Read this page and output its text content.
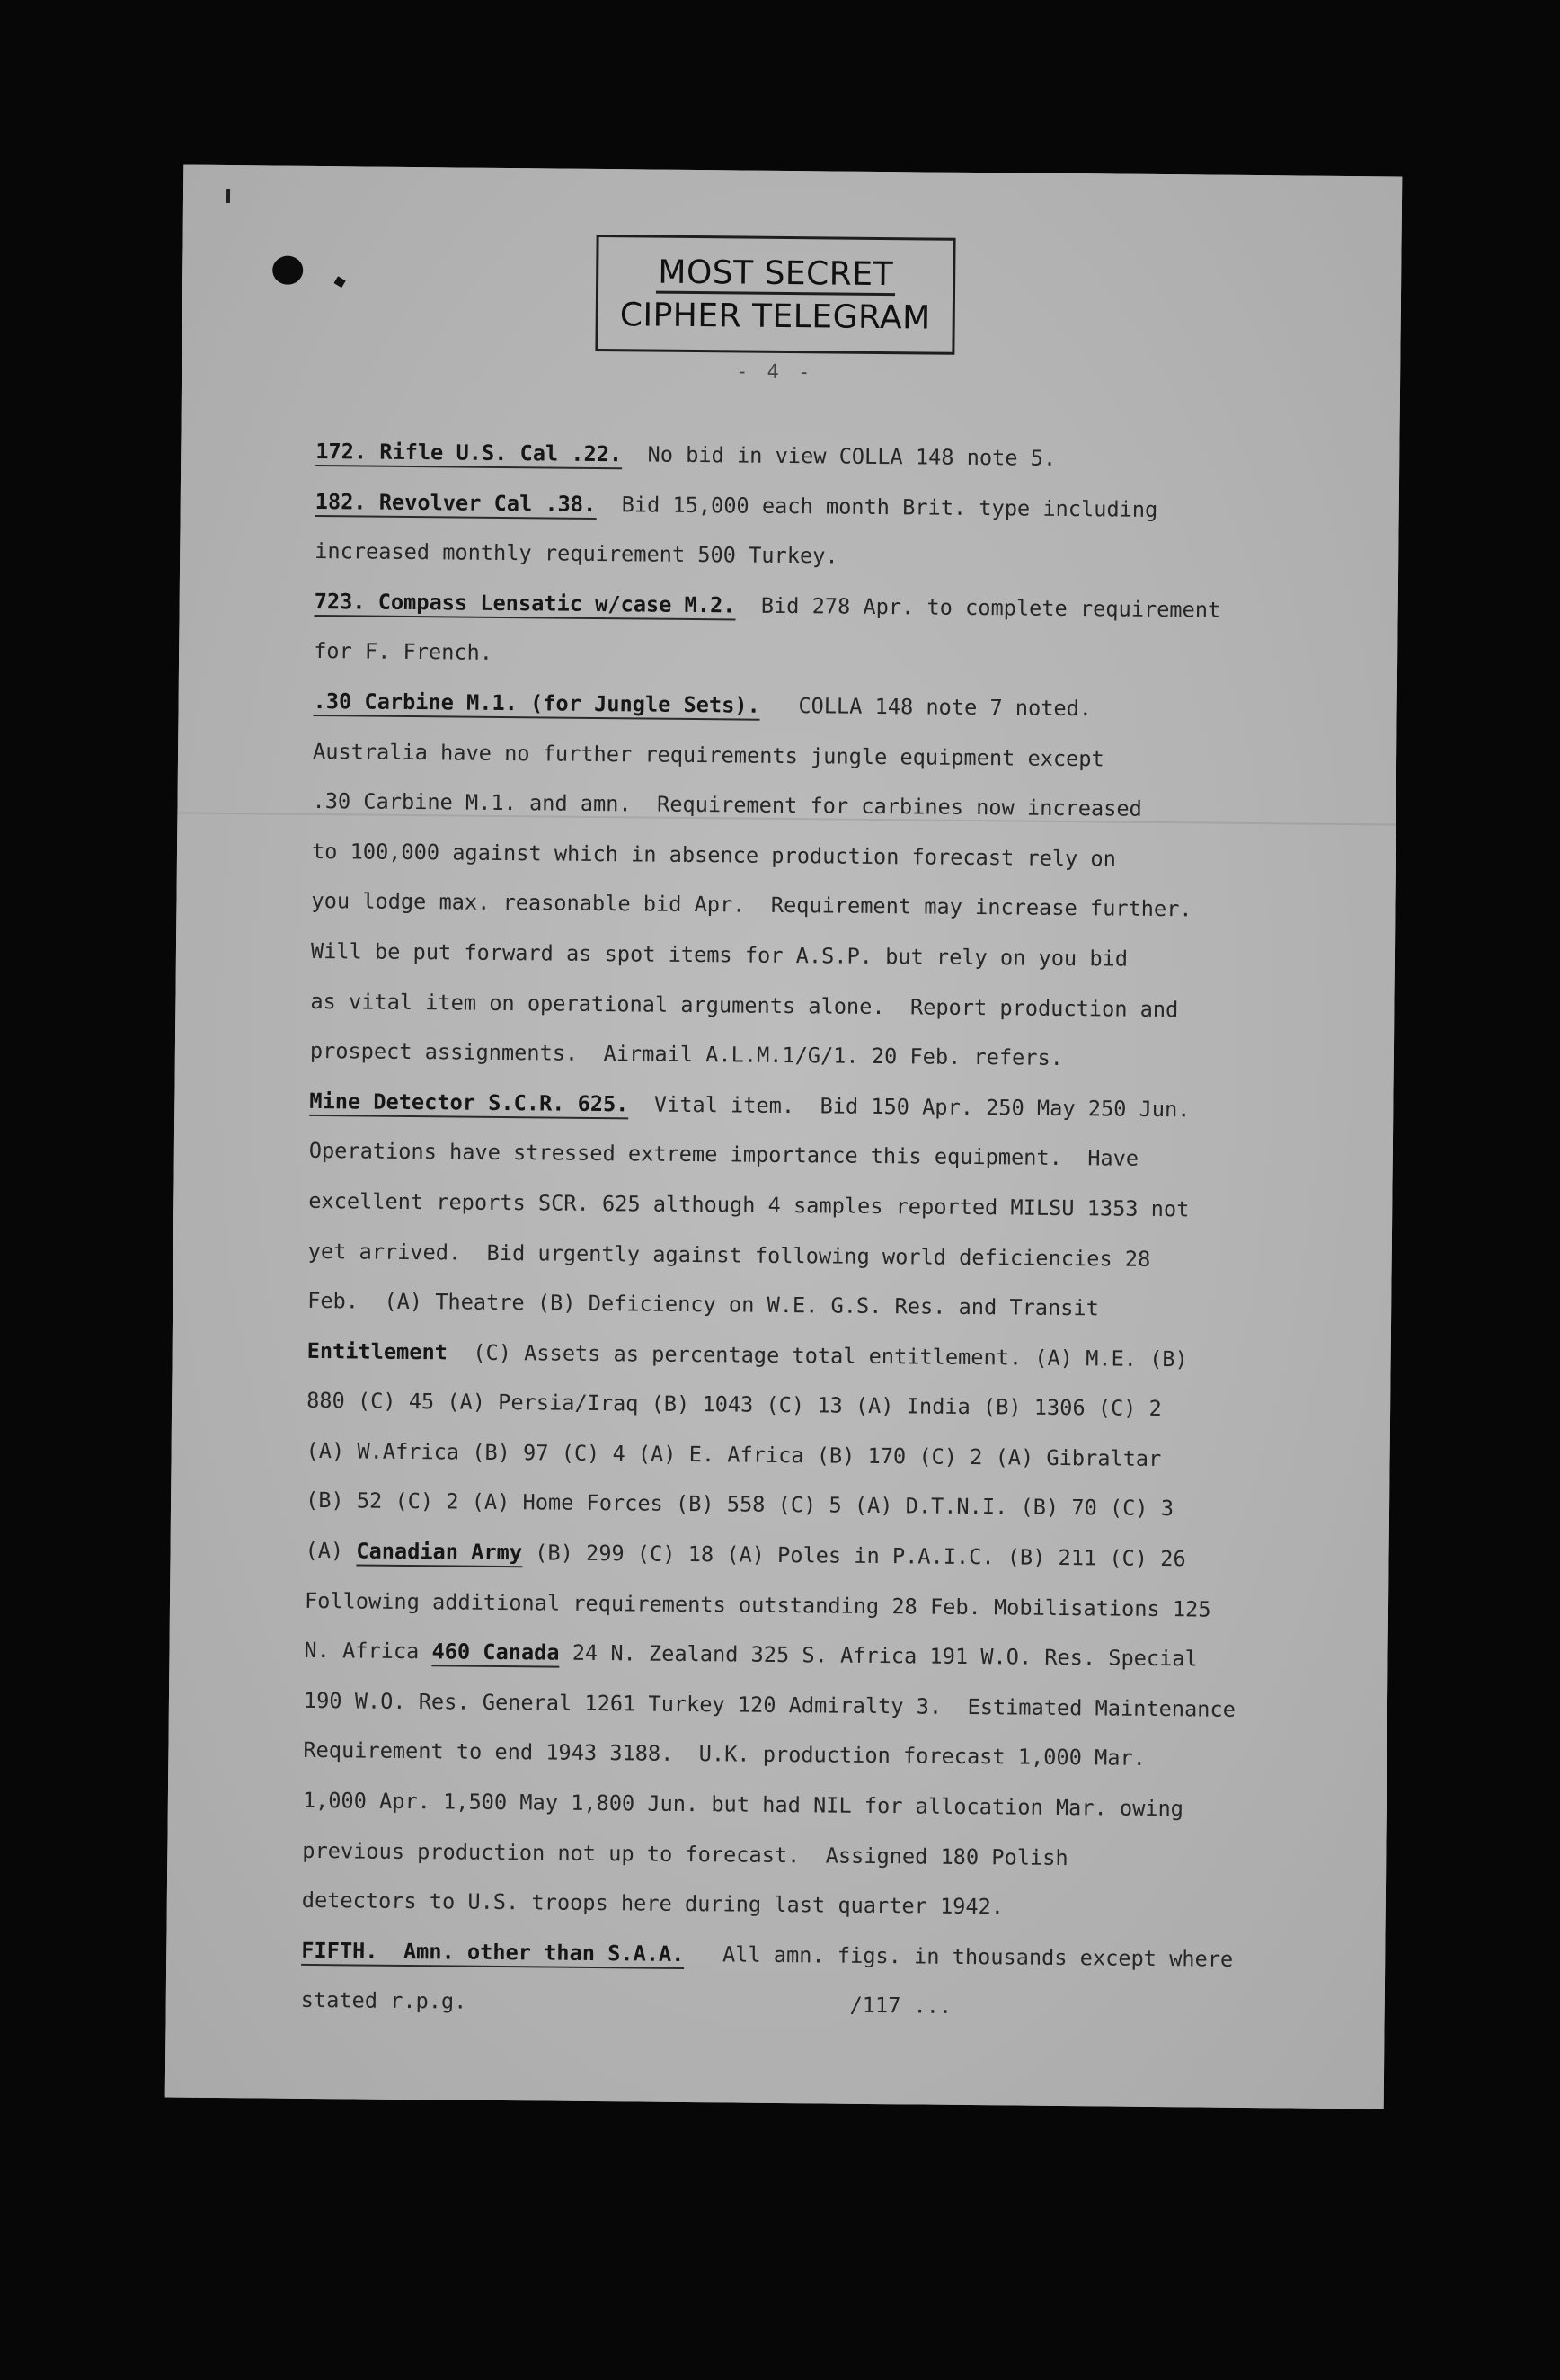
MOST SECRET
CIPHER TELEGRAM
- 4 -
172. Rifle U.S. Cal .22.  No bid in view COLLA 148 note 5.
182. Revolver Cal .38.  Bid 15,000 each month Brit. type including
increased monthly requirement 500 Turkey.
723. Compass Lensatic w/case M.2.  Bid 278 Apr. to complete requirement
for F. French.
.30 Carbine M.1. (for Jungle Sets).   COLLA 148 note 7 noted.
Australia have no further requirements jungle equipment except
.30 Carbine M.1. and amn.  Requirement for carbines now increased
to 100,000 against which in absence production forecast rely on
you lodge max. reasonable bid Apr.  Requirement may increase further.
Will be put forward as spot items for A.S.P. but rely on you bid
as vital item on operational arguments alone.  Report production and
prospect assignments.  Airmail A.L.M.1/G/1. 20 Feb. refers.
Mine Detector S.C.R. 625.  Vital item.  Bid 150 Apr. 250 May 250 Jun.
Operations have stressed extreme importance this equipment.  Have
excellent reports SCR. 625 although 4 samples reported MILSU 1353 not
yet arrived.  Bid urgently against following world deficiencies 28
Feb.  (A) Theatre (B) Deficiency on W.E. G.S. Res. and Transit
Entitlement  (C) Assets as percentage total entitlement. (A) M.E. (B)
880 (C) 45 (A) Persia/Iraq (B) 1043 (C) 13 (A) India (B) 1306 (C) 2
(A) W.Africa (B) 97 (C) 4 (A) E. Africa (B) 170 (C) 2 (A) Gibraltar
(B) 52 (C) 2 (A) Home Forces (B) 558 (C) 5 (A) D.T.N.I. (B) 70 (C) 3
(A) Canadian Army (B) 299 (C) 18 (A) Poles in P.A.I.C. (B) 211 (C) 26
Following additional requirements outstanding 28 Feb. Mobilisations 125
N. Africa 460 Canada 24 N. Zealand 325 S. Africa 191 W.O. Res. Special
190 W.O. Res. General 1261 Turkey 120 Admiralty 3.  Estimated Maintenance
Requirement to end 1943 3188.  U.K. production forecast 1,000 Mar.
1,000 Apr. 1,500 May 1,800 Jun. but had NIL for allocation Mar. owing
previous production not up to forecast.  Assigned 180 Polish
detectors to U.S. troops here during last quarter 1942.
FIFTH.  Amn. other than S.A.A.   All amn. figs. in thousands except where
stated r.p.g.                              /117 ...
